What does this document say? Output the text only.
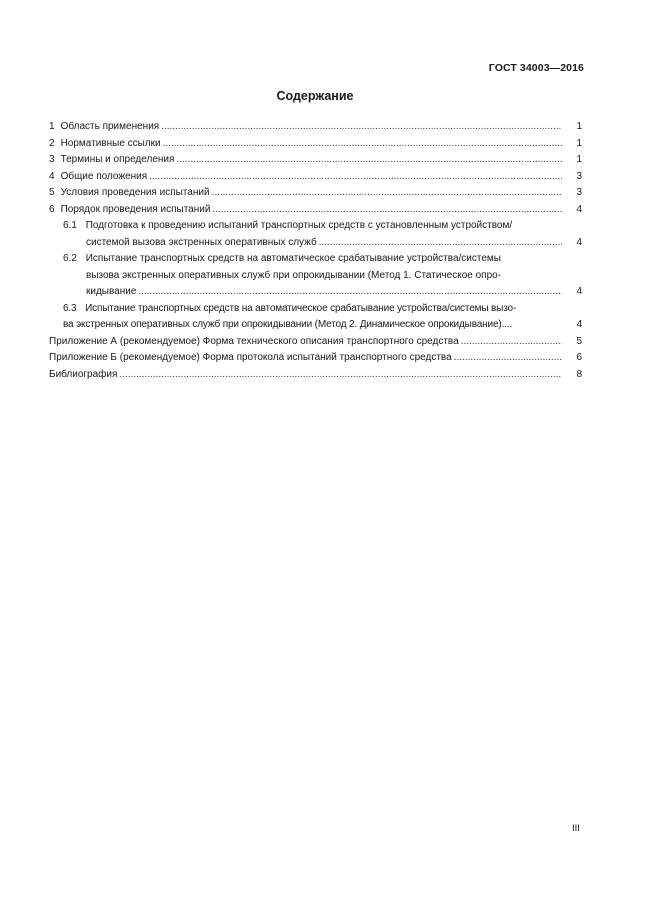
ГОСТ 34003—2016
Содержание
1 Область применения .....	1
2 Нормативные ссылки .....	1
3 Термины и определения .....	1
4 Общие положения .....	3
5 Условия проведения испытаний .....	3
6 Порядок проведения испытаний .....	4
6.1 Подготовка к проведению испытаний транспортных средств с установленным устройством/
системой вызова экстренных оперативных служб .....	4
6.2 Испытание транспортных средств на автоматическое срабатывание устройства/системы
вызова экстренных оперативных служб при опрокидывании (Метод 1. Статическое опро-
кидывание .....	4
6.3 Испытание транспортных средств на автоматическое срабатывание устройства/системы вызо-
ва экстренных оперативных служб при опрокидывании (Метод 2. Динамическое опрокидывание)....	4
Приложение А (рекомендуемое) Форма технического описания транспортного средства .....	5
Приложение Б (рекомендуемое) Форма протокола испытаний транспортного средства .....	6
Библиография .....	8
III
